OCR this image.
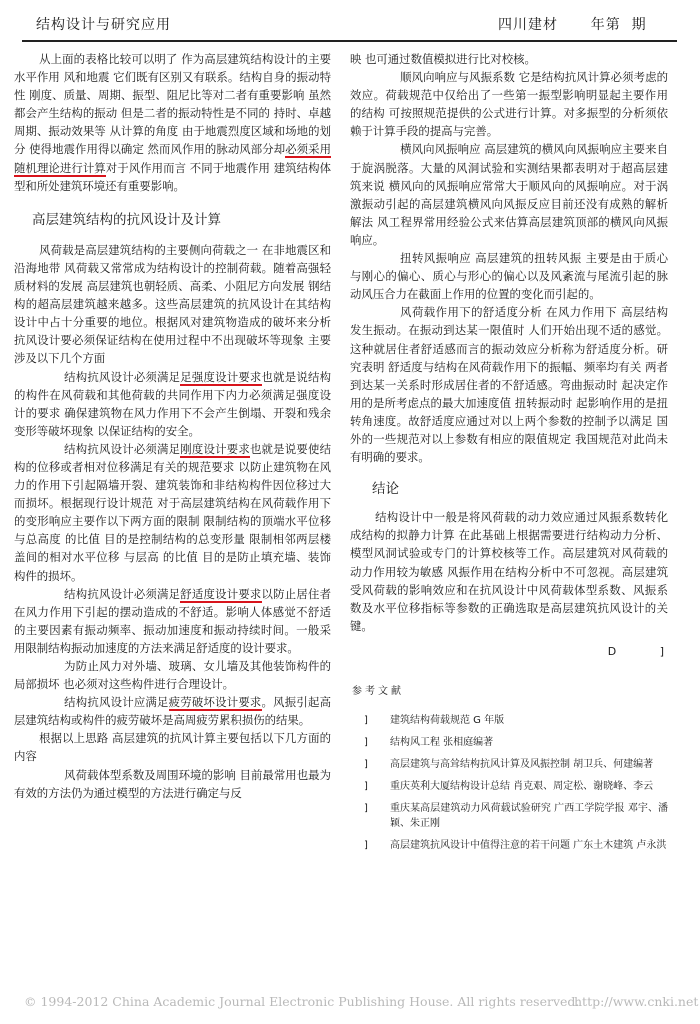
结构设计与研究应用	四川建材      年第  期

从上面的表格比较可以明了 作为高层建筑结构设计的主要水平作用 风和地震 它们既有区别又有联系。结构自身的振动特性 刚度、质量、周期、振型、阻尼比等对二者有重要影响 虽然都会产生结构的振动 但是二者的振动特性是不同的 持时、卓越周期、振动效果等 从计算的角度 由于地震烈度区域和场地的划分 使得地震作用得以确定 然而风作用的脉动风部分却必须采用随机理论进行计算对于风作用而言 不同于地震作用 建筑结构体型和所处建筑环境还有重要影响。

高层建筑结构的抗风设计及计算

风荷载是高层建筑结构的主要侧向荷载之一 在非地震区和沿海地带 风荷载又常常成为结构设计的控制荷载。随着高强轻质材料的发展 高层建筑也朝轻质、高柔、小阻尼方向发展 钢结构的超高层建筑越来越多。这些高层建筑的抗风设计在其结构设计中占十分重要的地位。根据风对建筑物造成的破坏来分析 抗风设计要必须保证结构在使用过程中不出现破坏等现象 主要涉及以下几个方面

结构抗风设计必须满足足强度设计要求也就是说结构的构件在风荷载和其他荷载的共同作用下内力必须满足强度设计的要求 确保建筑物在风力作用下不会产生倒塌、开裂和残余变形等破坏现象 以保证结构的安全。

结构抗风设计必须满足刚度设计要求也就是说要使结构的位移或者相对位移满足有关的规范要求 以防止建筑物在风力的作用下引起隔墙开裂、建筑装饰和非结构构件因位移过大而损坏。根据现行设计规范 对于高层建筑结构在风荷载作用下的变形响应主要作以下两方面的限制 限制结构的顶端水平位移 与总高度 的比值 目的是控制结构的总变形量 限制相邻两层楼盖间的相对水平位移 与层高 的比值 目的是防止填充墙、装饰构件的损坏。

结构抗风设计必须满足舒适度设计要求以防止居住者在风力作用下引起的摆动造成的不舒适。影响人体感觉不舒适的主要因素有振动频率、振动加速度和振动持续时间。一般采用限制结构振动加速度的方法来满足舒适度的设计要求。

为防止风力对外墙、玻璃、女儿墙及其他装饰构件的局部损坏 也必须对这些构件进行合理设计。

结构抗风设计应满足疲劳破坏设计要求。风振引起高层建筑结构或构件的疲劳破坏是高周疲劳累积损伤的结果。

根据以上思路 高层建筑的抗风计算主要包括以下几方面的内容

风荷载体型系数及周围环境的影响 目前最常用也最为有效的方法仍为通过模型的方法进行确定与反

映 也可通过数值模拟进行比对校核。

顺风向响应与风振系数 它是结构抗风计算必须考虑的效应。荷载规范中仅给出了一些第一振型影响明显起主要作用的结构 可按照规范提供的公式进行计算。对多振型的分析须依赖于计算手段的提高与完善。

横风向风振响应 高层建筑的横风向风振响应主要来自于旋涡脱落。大量的风洞试验和实测结果都表明对于超高层建筑来说 横风向的风振响应常常大于顺风向的风振响应。对于涡激振动引起的高层建筑横风向风振反应目前还没有成熟的解析解法 风工程界常用经验公式来估算高层建筑顶部的横风向风振响应。

扭转风振响应 高层建筑的扭转风振 主要是由于质心与刚心的偏心、质心与形心的偏心以及风紊流与尾流引起的脉动风压合力在截面上作用的位置的变化而引起的。

风荷载作用下的舒适度分析 在风力作用下 高层结构发生振动。在振动到达某一限值时 人们开始出现不适的感觉。这种就居住者舒适感而言的振动效应分析称为舒适度分析。研究表明 舒适度与结构在风荷载作用下的振幅、频率均有关 两者到达某一关系时形成居住者的不舒适感。弯曲振动时 起决定作用的是所考虑点的最大加速度值 扭转振动时 起影响作用的是扭转角速度。故舒适度应通过对以上两个参数的控制予以满足 国外的一些规范对以上参数有相应的限值规定 我国规范对此尚未有明确的要求。

结论

结构设计中一般是将风荷载的动力效应通过风振系数转化成结构的拟静力计算 在此基础上根据需要进行结构动力分析、模型风洞试验或专门的计算校核等工作。高层建筑对风荷载的动力作用较为敏感 风振作用在结构分析中不可忽视。高层建筑受风荷载的影响效应和在抗风设计中风荷载体型系数、风振系数及水平位移指标等参数的正确选取是高层建筑抗风设计的关键。

D ]
参考文献
] 建筑结构荷载规范 G 年版
] 结构风工程 张相庭编著
] 高层建筑与高耸结构抗风计算及风振控制 胡卫兵、何建编著
] 重庆英利大厦结构设计总结 肖克艰、周定松、谢晓峰、李云
] 重庆某高层建筑动力风荷载试验研究 广西工学院学报 邓宇、潘颖、朱正刚
] 高层建筑抗风设计中值得注意的若干问题 广东土木建筑 卢永洪
© 1994-2012 China Academic Journal Electronic Publishing House. All rights reserved.
http://www.cnki.net
